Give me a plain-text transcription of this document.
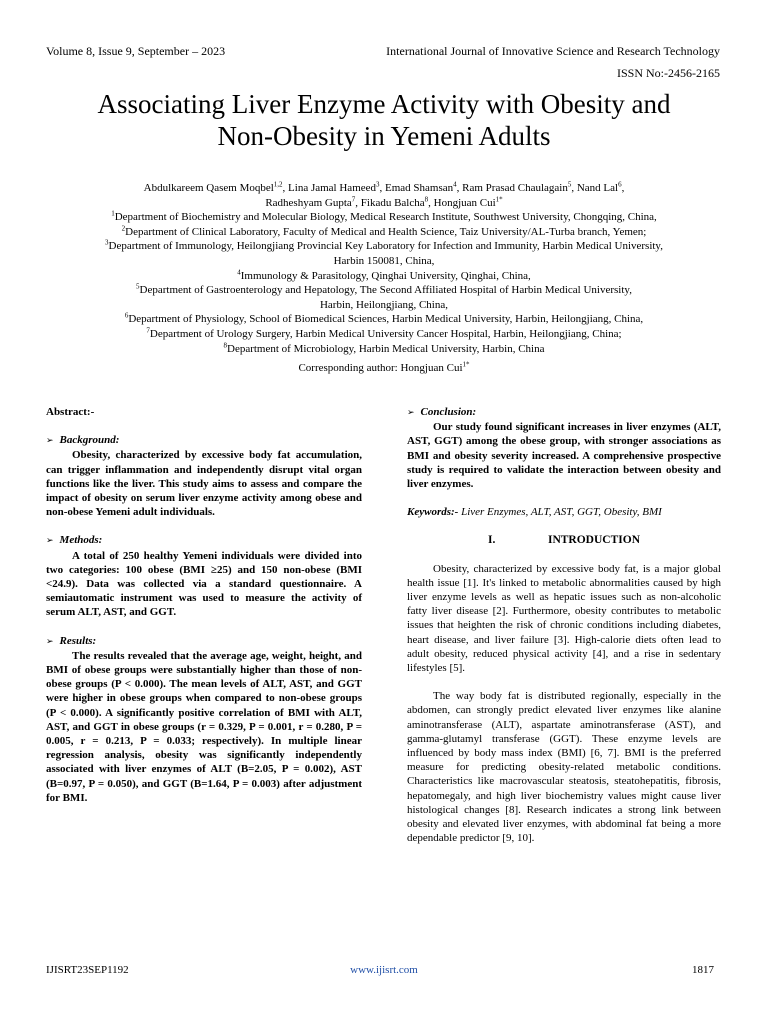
Volume 8, Issue 9, September – 2023	International Journal of Innovative Science and Research Technology
ISSN No:-2456-2165
Associating Liver Enzyme Activity with Obesity and
Non-Obesity in Yemeni Adults
Abdulkareem Qasem Moqbel$^{1,2}$, Lina Jamal Hameed$^3$, Emad Shamsan$^4$, Ram Prasad Chaulagain$^5$, Nand Lal$^6$,
Radheshyam Gupta$^7$, Fikadu Balcha$^8$, Hongjuan Cui$^{1*}$
$^1$Department of Biochemistry and Molecular Biology, Medical Research Institute, Southwest University, Chongqing, China,
$^2$Department of Clinical Laboratory, Faculty of Medical and Health Science, Taiz University/AL-Turba branch, Yemen;
$^3$Department of Immunology, Heilongjiang Provincial Key Laboratory for Infection and Immunity, Harbin Medical University,
Harbin 150081, China,
$^4$Immunology & Parasitology, Qinghai University, Qinghai, China,
$^5$Department of Gastroenterology and Hepatology, The Second Affiliated Hospital of Harbin Medical University,
Harbin, Heilongjiang, China,
$^6$Department of Physiology, School of Biomedical Sciences, Harbin Medical University, Harbin, Heilongjiang, China,
$^7$Department of Urology Surgery, Harbin Medical University Cancer Hospital, Harbin, Heilongjiang, China;
$^8$Department of Microbiology, Harbin Medical University, Harbin, China
Corresponding author: Hongjuan Cui$^{1*}$

Abstract:-

➢ Background:

Obesity, characterized by excessive body fat accumulation, can trigger inflammation and independently disrupt vital organ functions like the liver. This study aims to assess and compare the impact of obesity on serum liver enzyme activity among obese and non-obese Yemeni adult individuals.

➢ Methods:

A total of 250 healthy Yemeni individuals were divided into two categories: 100 obese (BMI ≥25) and 150 non-obese (BMI <24.9). Data was collected via a standard questionnaire. A semiautomatic instrument was used to measure the activity of serum ALT, AST, and GGT.

➢ Results:

The results revealed that the average age, weight, height, and BMI of obese groups were substantially higher than those of non-obese groups (P < 0.000). The mean levels of ALT, AST, and GGT were higher in obese groups when compared to non-obese groups (P < 0.000). A significantly positive correlation of BMI with ALT, AST, and GGT in obese groups (r = 0.329, P = 0.001, r = 0.280, P = 0.005, r = 0.213, P = 0.033; respectively). In multiple linear regression analysis, obesity was significantly independently associated with liver enzymes of ALT (B=2.05, P = 0.002), AST (B=0.97, P = 0.050), and GGT (B=1.64, P = 0.003) after adjustment for BMI.

➢ Conclusion:

Our study found significant increases in liver enzymes (ALT, AST, GGT) among the obese group, with stronger associations as BMI and obesity severity increased. A comprehensive prospective study is required to validate the interaction between obesity and liver enzymes.

Keywords:- Liver Enzymes, ALT, AST, GGT, Obesity, BMI

I.	INTRODUCTION

Obesity, characterized by excessive body fat, is a major global health issue [1]. It's linked to metabolic abnormalities caused by high liver enzyme levels as well as hepatic issues such as non-alcoholic fatty liver disease [2]. Furthermore, obesity contributes to metabolic issues that heighten the risk of chronic conditions including diabetes, heart disease, and liver failure [3]. High-calorie diets often lead to adult obesity, reduced physical activity [4], and a rise in sedentary lifestyles [5].

The way body fat is distributed regionally, especially in the abdomen, can strongly predict elevated liver enzymes like alanine aminotransferase (ALT), aspartate aminotransferase (AST), and gamma-glutamyl transferase (GGT). These enzyme levels are influenced by body mass index (BMI) [6, 7]. BMI is the preferred measure for predicting obesity-related metabolic conditions. Characteristics like macrovascular steatosis, steatohepatitis, fibrosis, hepatomegaly, and high liver biochemistry values might cause liver histological changes [8]. Research indicates a strong link between obesity and elevated liver enzymes, with abdominal fat being a more dependable predictor [9, 10].

IJISRT23SEP1192	www.ijisrt.com	1817
